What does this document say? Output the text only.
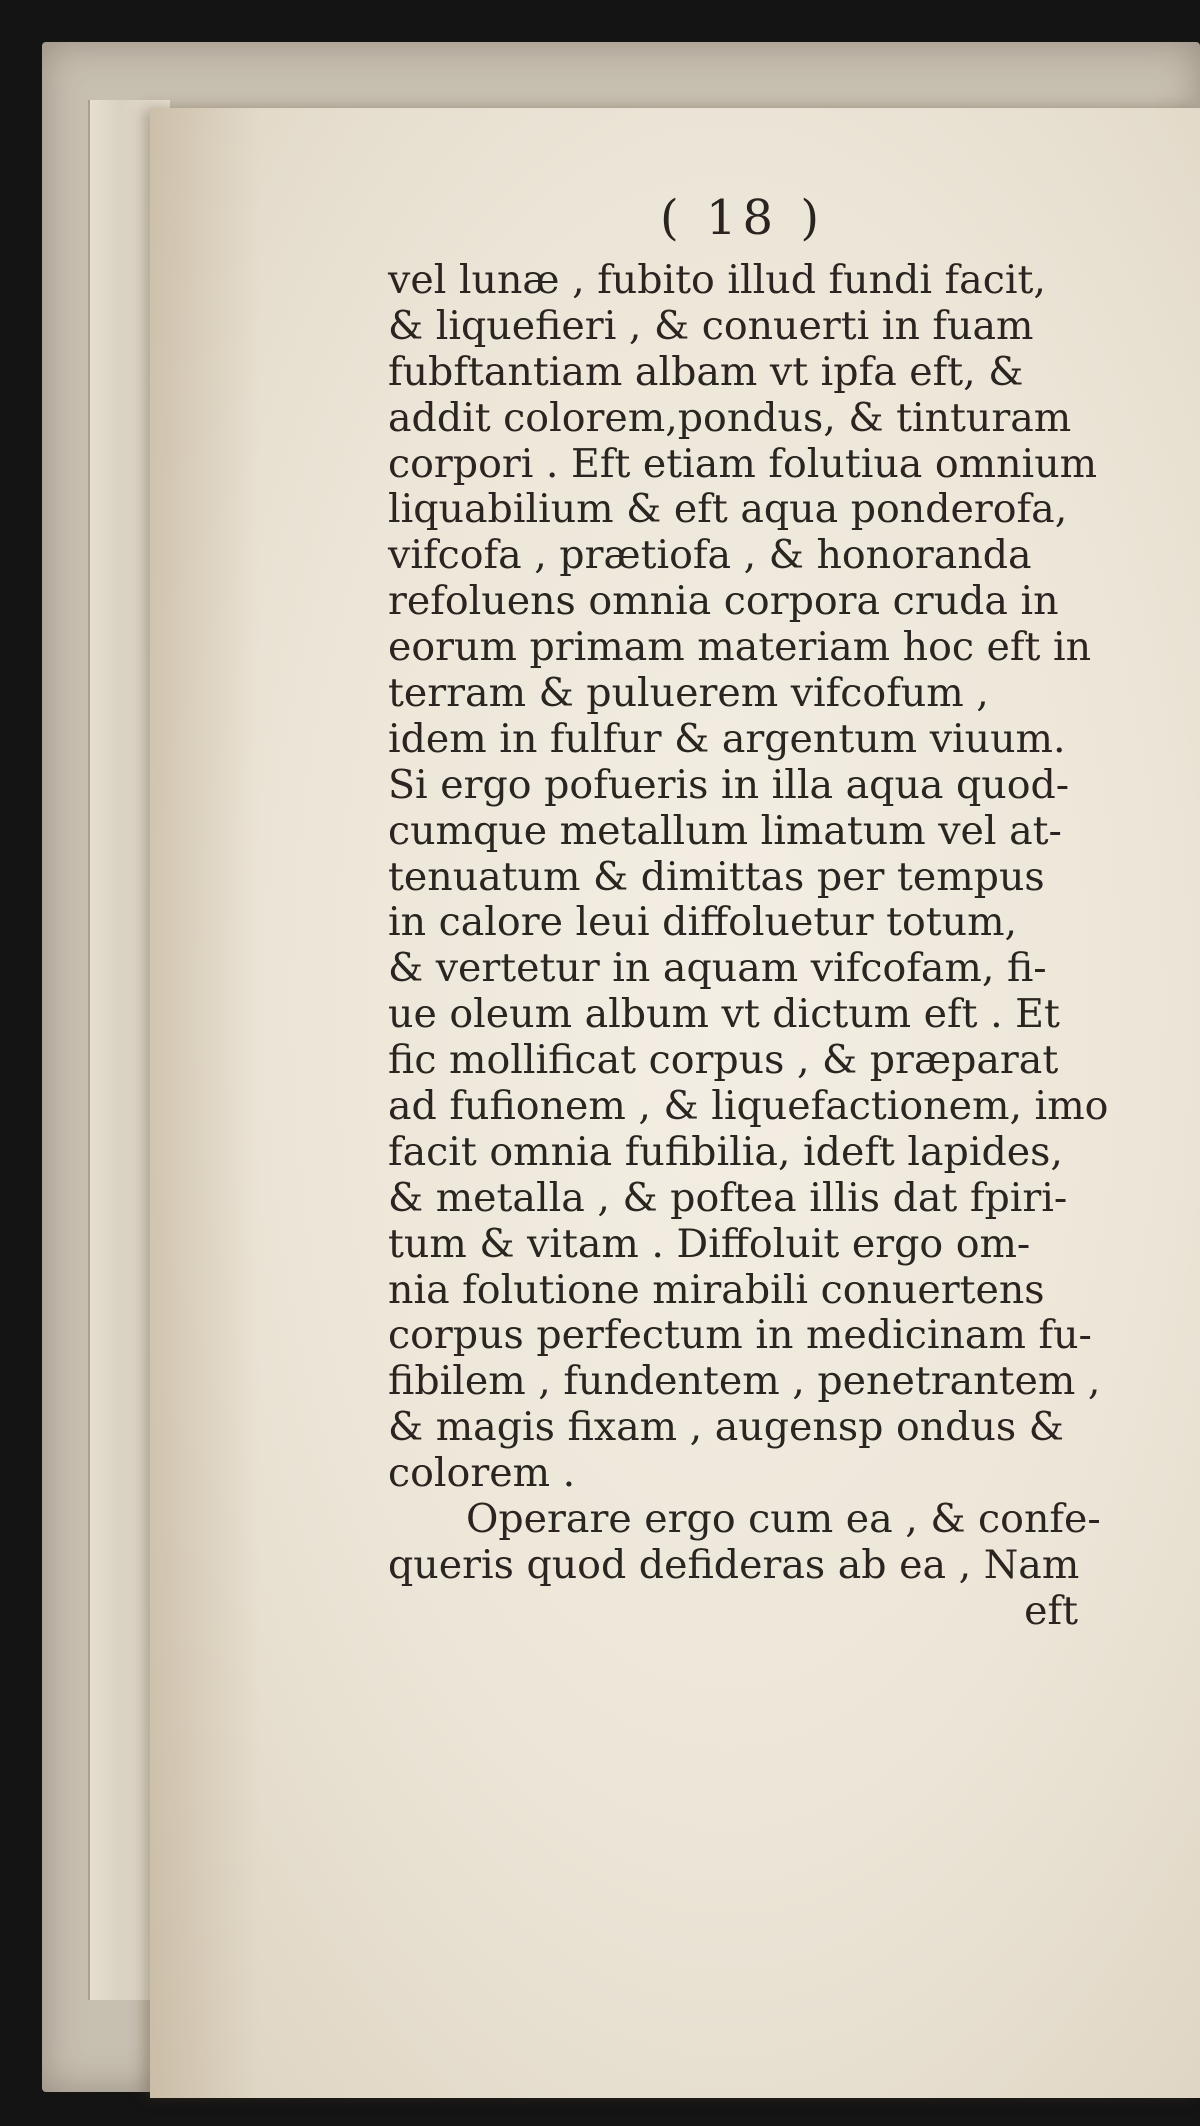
( 18 )
vel lunæ , fubito illud fundi facit,
& liquefieri , & conuerti in fuam
fubftantiam albam vt ipfa eft, &
addit colorem,pondus, & tinturam
corpori . Eft etiam folutiua omnium
liquabilium & eft aqua ponderofa,
vifcofa , prætiofa , & honoranda
refoluens omnia corpora cruda in
eorum primam materiam hoc eft in
terram & puluerem vifcofum ,
idem in fulfur & argentum viuum.
Si ergo pofueris in illa aqua quod-
cumque metallum limatum vel at-
tenuatum & dimittas per tempus
in calore leui diffoluetur totum,
& vertetur in aquam vifcofam, fi-
ue oleum album vt dictum eft . Et
fic mollificat corpus , & præparat
ad fufionem , & liquefactionem, imo
facit omnia fufibilia, ideft lapides,
& metalla , & poftea illis dat fpiri-
tum & vitam . Diffoluit ergo om-
nia folutione mirabili conuertens
corpus perfectum in medicinam fu-
fibilem , fundentem , penetrantem ,
& magis fixam , augensp ondus &
colorem .
Operare ergo cum ea , & confe-
queris quod defideras ab ea , Nam
eft
